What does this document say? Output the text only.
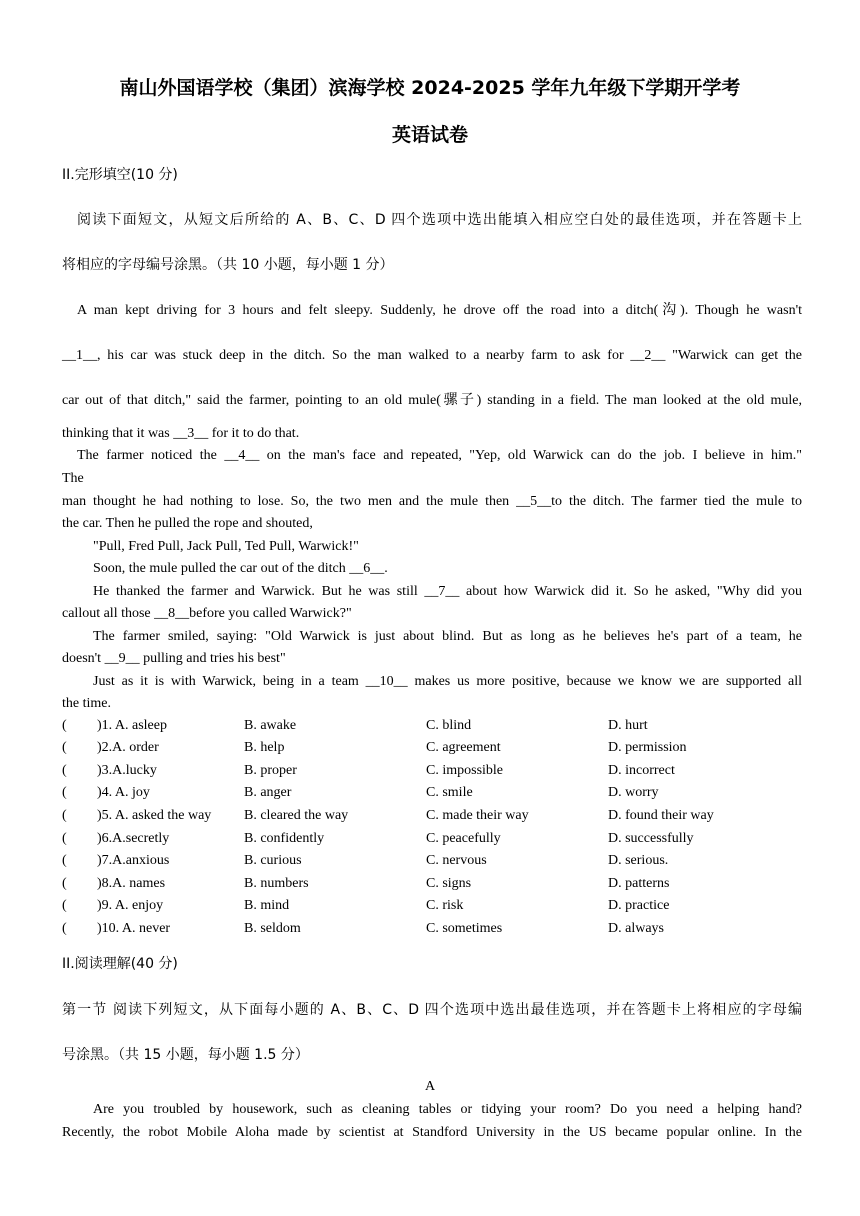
南山外国语学校（集团）滨海学校 2024-2025 学年九年级下学期开学考
英语试卷
II.完形填空(10 分)
阅读下面短文，从短文后所给的 A、B、C、D 四个选项中选出能填入相应空白处的最佳选项，并在答题卡上
将相应的字母编号涂黑。（共 10 小题，每小题 1 分）
A man kept driving for 3 hours and felt sleepy. Suddenly, he drove off the road into a ditch(沟). Though he wasn't
__1__, his car was stuck deep in the ditch. So the man walked to a nearby farm to ask for __2__ "Warwick can get the
car out of that ditch," said the farmer, pointing to an old mule(骡子) standing in a field. The man looked at the old mule,
thinking that it was __3__ for it to do that.
The farmer noticed the __4__ on the man's face and repeated, "Yep, old Warwick can do the job. I believe in him."
The
man thought he had nothing to lose. So, the two men and the mule then __5__to the ditch. The farmer tied the mule to
the car. Then he pulled the rope and shouted,
"Pull, Fred Pull, Jack Pull, Ted Pull, Warwick!"
Soon, the mule pulled the car out of the ditch __6__.
He thanked the farmer and Warwick. But he was still __7__ about how Warwick did it. So he asked, "Why did you
callout all those __8__before you called Warwick?"
The farmer smiled, saying: "Old Warwick is just about blind. But as long as he believes he's part of a team, he
doesn't __9__ pulling and tries his best"
Just as it is with Warwick, being in a team __10__ makes us more positive, because we know we are supported all
the time.
( )1. A. asleep	B. awake	C. blind	D. hurt
( )2.A. order	B. help	C. agreement	D. permission
( )3.A.lucky	B. proper	C. impossible	D. incorrect
( )4. A. joy	B. anger	C. smile	D. worry
( )5. A. asked the way B. cleared the way	C. made their way	D. found their way
( )6.A.secretly	B. confidently	C. peacefully	D. successfully
( )7.A.anxious	B. curious	C. nervous	D. serious.
( )8.A. names	B. numbers	C. signs	D. patterns
( )9. A. enjoy	B. mind	C. risk	D. practice
( )10. A. never	B. seldom	C. sometimes	D. always
II.阅读理解(40 分)
第一节 阅读下列短文，从下面每小题的 A、B、C、D 四个选项中选出最佳选项，并在答题卡上将相应的字母编
号涂黑。（共 15 小题，每小题 1.5 分）
A
Are you troubled by housework, such as cleaning tables or tidying your room? Do you need a helping hand?
Recently, the robot Mobile Aloha made by scientist at Standford University in the US became popular online. In the
